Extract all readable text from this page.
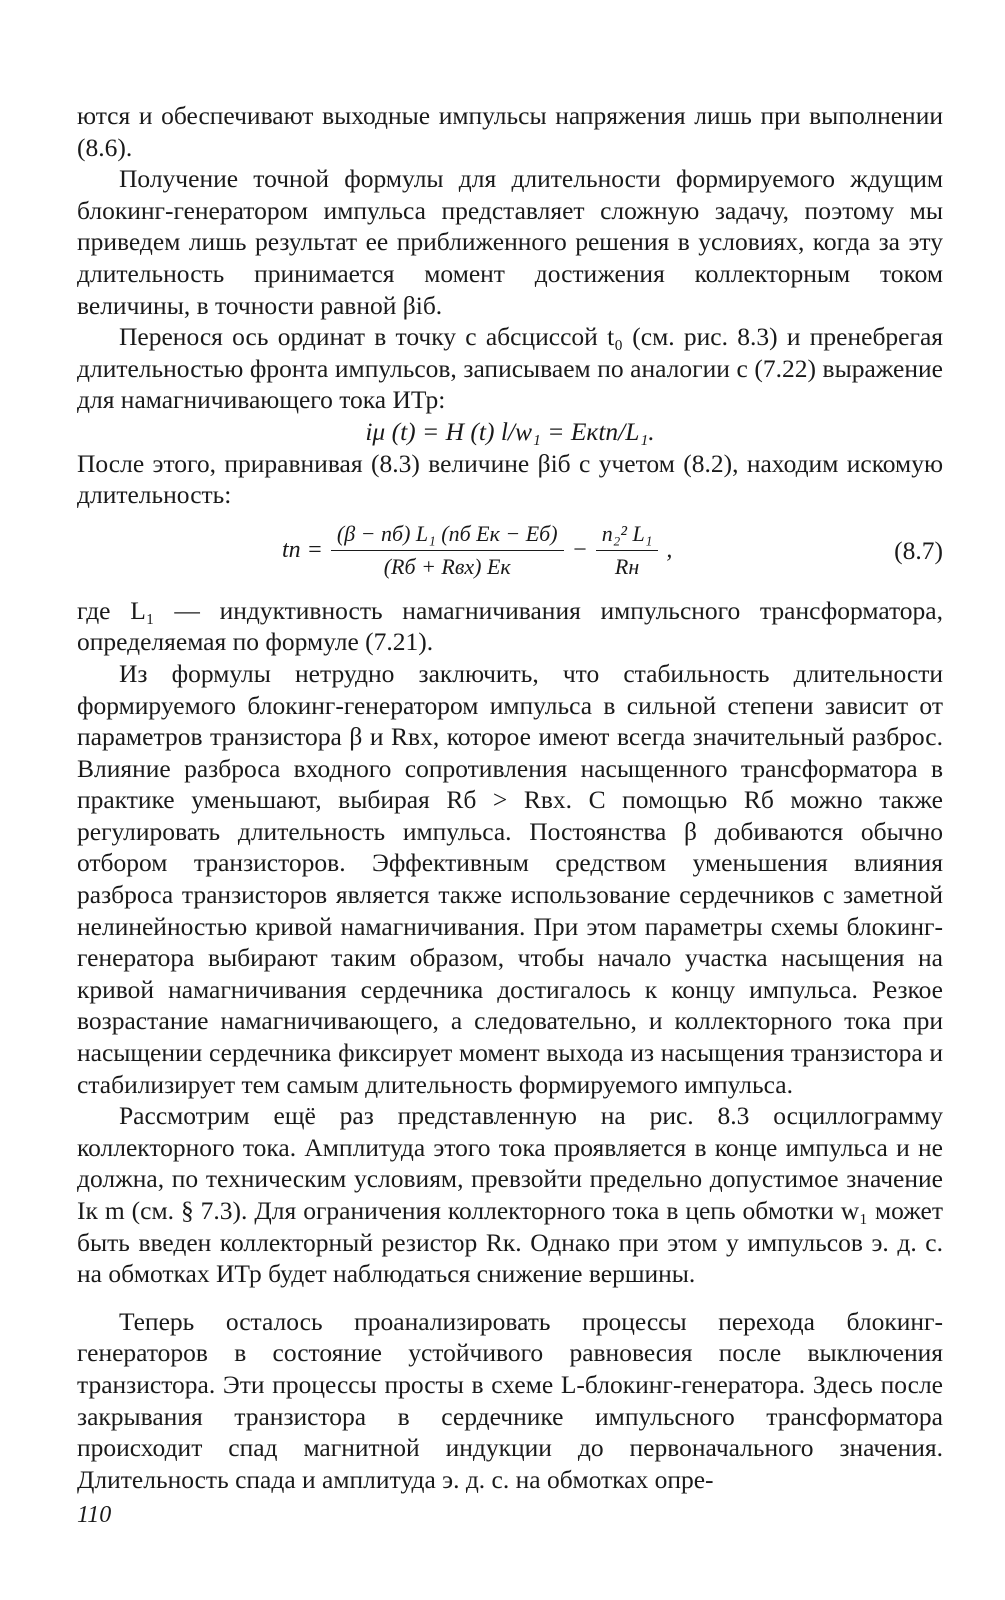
ются и обеспечивают выходные импульсы напряжения лишь при выполнении (8.6).

Получение точной формулы для длительности формируемого ждущим блокинг-генератором импульса представляет сложную задачу, поэтому мы приведем лишь результат ее приближенного решения в условиях, когда за эту длительность принимается момент достижения коллекторным током величины, в точности равной βiб.

Перенося ось ординат в точку с абсциссой t₀ (см. рис. 8.3) и пренебрегая длительностью фронта импульсов, записываем по аналогии с (7.22) выражение для намагничивающего тока ИТр:

iμ (t) = H (t) l/w₁ = Eкtп/L₁.

После этого, приравнивая (8.3) величине βiб с учетом (8.2), находим искомую длительность:

tп = $\frac{\text{(β − nб) L₁ (nб Eк − Eб)}}{\text{(Rб + Rвх) Eк}} - \frac{\text{n₂² L₁}}{Rн}$ ,	(8.7)

где L₁ — индуктивность намагничивания импульсного трансформатора, определяемая по формуле (7.21).

Из формулы нетрудно заключить, что стабильность длительности формируемого блокинг-генератором импульса в сильной степени зависит от параметров транзистора β и Rвх, которое имеют всегда значительный разброс. Влияние разброса входного сопротивления насыщенного трансформатора в практике уменьшают, выбирая Rб > Rвх. С помощью Rб можно также регулировать длительность импульса. Постоянства β добиваются обычно отбором транзисторов. Эффективным средством уменьшения влияния разброса транзисторов является также использование сердечников с заметной нелинейностью кривой намагничивания. При этом параметры схемы блокинг-генератора выбирают таким образом, чтобы начало участка насыщения на кривой намагничивания сердечника достигалось к концу импульса. Резкое возрастание намагничивающего, а следовательно, и коллекторного тока при насыщении сердечника фиксирует момент выхода из насыщения транзистора и стабилизирует тем самым длительность формируемого импульса.

Рассмотрим ещё раз представленную на рис. 8.3 осциллограмму коллекторного тока. Амплитуда этого тока проявляется в конце импульса и не должна, по техническим условиям, превзойти предельно допустимое значение Iк m (см. § 7.3). Для ограничения коллекторного тока в цепь обмотки w₁ может быть введен коллекторный резистор Rк. Однако при этом у импульсов э. д. с. на обмотках ИТр будет наблюдаться снижение вершины.

Теперь осталось проанализировать процессы перехода блокинг-генераторов в состояние устойчивого равновесия после выключения транзистора. Эти процессы просты в схеме L-блокинг-генератора. Здесь после закрывания транзистора в сердечнике импульсного трансформатора происходит спад магнитной индукции до первоначального значения. Длительность спада и амплитуда э. д. с. на обмотках опре-

110
